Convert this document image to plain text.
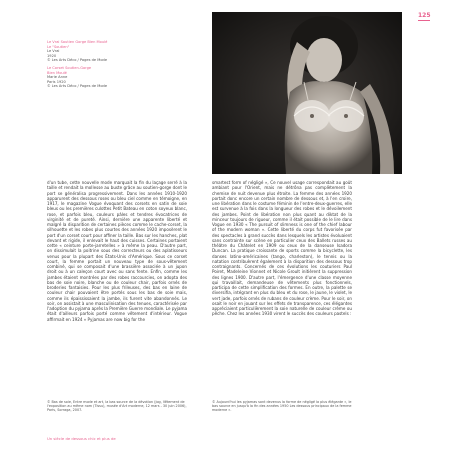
125
Le Vrai Soutien Gorge Bien Moulé
Le "Soutien"
Le Vrai
1920
© Les Arts Déco / Pages de Mode
Le Corset Soutien-Gorge
Bien Moulé
Marie Anne
Paris 1920
© Les Arts Déco / Pages de Mode

d'un tube, cette nouvelle mode marquait la fin du laçage serré à la taille et rendait la mollesse au buste grâce au soutien-gorge dont le port se généralisa progressivement. Dans les années 1910-1920 apparurent des dessous roses ou bleu ciel comme en témoigne, en 1917, le magazine Vogue évoquant des corsets en satin de soie bleus ou les premières culottes Petit Bateau en coton soyeux blanc, rose, et parfois bleu, couleurs pâles et tendres évocatrices de virginité et de pureté. Ainsi, dernière une apparente liberté et malgré la disparition de certaines pièces comme le cache-corset, la silhouette et les robes plus courtes des années 1920 imposèrent le port d'un corset court pour affiner la taille. Bas sur les hanches, plat devant et rigide, il enlevait le haut des cuisses. Certaines portaient cette « ceinture porte-jarretelles » à même la peau. D'autre part, on dissimulait la poitrine sous des correcteurs ou des aplatisseurs venus pour la plupart des États-Unis d'Amérique. Sous ce corset court, la femme portait un nouveau type de sous-vêtement combiné, qui se composait d'une brassière associée à un jupon droit ou à un caleçon court avec ou sans fente. Enfin, comme les jambes étaient montrées par des robes raccourcies, on adopta des bas de soie noire, blanche ou de couleur chair, parfois ornés de broderies fantaisies. Pour les plus frileuses, des bas en laine de couleur chair pouvaient être portés sous les bas de soie mais, comme ils épaississaient la jambe, ils furent vite abandonnés. Le soir, on assistait à une masculinisation des tenues, caractérisée par l'adoption du pyjama après la Première Guerre mondiale. Le pyjama était d'ailleurs parfois porté comme vêtement d'intérieur. Vogue affirmait en 1924 « Pyjamas are now big for the

smartest form of négligé », Ce nouvel usage correspondait au goût ambiant pour l'Orient, mais ne détrôna pas complètement la chemise de nuit devenue plus étroite. La femme des années 1920 portait donc encore un certain nombre de dessous et, à l'en croire, une libération dans le costume féminin de l'entre-deux-guerres, elle est survenue à la fois dans la longueur des robes et le dévoilement des jambes. Point de libération non plus quant au diktat de la minceur toujours de rigueur, comme il était possible de le lire dans Vogue en 1930 « The pursuit of slimness is one of the chief labour of the modern woman ». Cette liberté du corps fut favorisée par des spectacles à grand succès dans lesquels les artistes évoluaient sans contrainte sur scène en particulier ceux des Ballets russes au théâtre du Châtelet en 1909 ou ceux de la danseuse Isadora Duncan. La pratique croissante de sports comme la bicyclette, les danses latino-américaines (tango, charleston), le tennis ou la natation contribuèrent également à la disparition des dessous trop contraignants. Concernés de ces évolutions les couturiers Paul Poiret, Madeleine Vionnet et Nicole Groult initièrent la suppression des lignes 1900. D'autre part, l'émergence d'une classe moyenne qui travaillait, demandeuse de vêtements plus fonctionnels, participa de cette simplification des formes. En outre, la palette se diversifia, intégrant en plus du bleu et du rose, le jaune, le violet, le vert jade, parfois ornés de rubans de couleur crème. Pour le soir, on osait le noir en jouant sur les effets de transparence, ces élégantes appréciaient particulièrement la soie naturelle de couleur crème ou pêche. Chez les années 1930 virent le succès des couleurs pastels :

© Bas de soie, Entre mode et art, la bas source de la dévotion (Jog, Vêtement de l'exposition au même nom (Tissu), musée d'Art moderne, 12 mars - 30 juin 2006), Paris, Sorraga, 2007.
© Aujourd'hui les pyjamas sont devenus la forme de négligé la plus élégante », le bas source en jusqu'à la fin des années 1950 Les dessous principaux de la femme moderne ».
Un siècle de dessous chic et plus de
